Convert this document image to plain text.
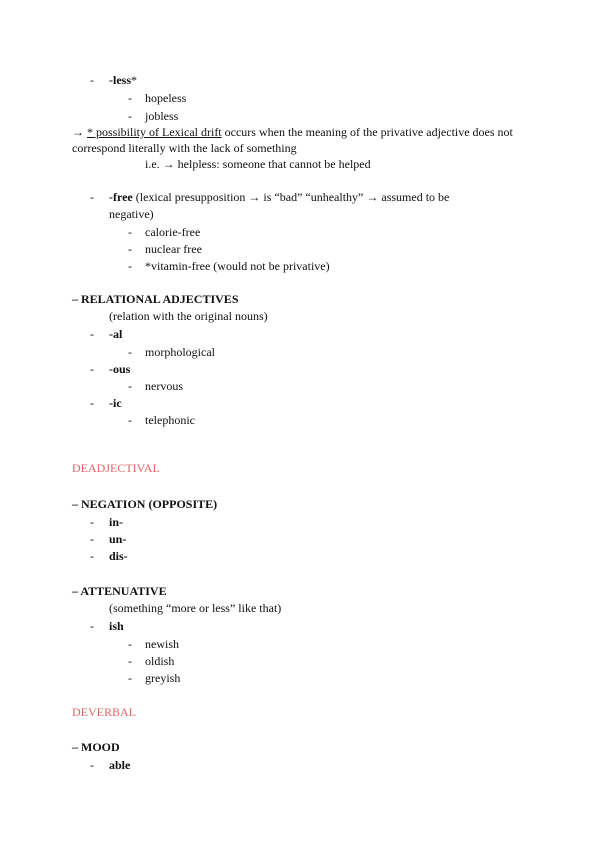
- -less*
- hopeless
- jobless
→ * possibility of Lexical drift occurs when the meaning of the privative adjective does not
correspond literally with the lack of something
i.e. → helpless: someone that cannot be helped
- -free (lexical presupposition → is “bad” “unhealthy” → assumed to be
negative)
- calorie-free
- nuclear free
- *vitamin-free (would not be privative)
– RELATIONAL ADJECTIVES
(relation with the original nouns)
- -al
- morphological
- -ous
- nervous
- -ic
- telephonic
DEADJECTIVAL
– NEGATION (OPPOSITE)
- in-
- un-
- dis-
– ATTENUATIVE
(something “more or less” like that)
- ish
- newish
- oldish
- greyish
DEVERBAL
– MOOD
- able
